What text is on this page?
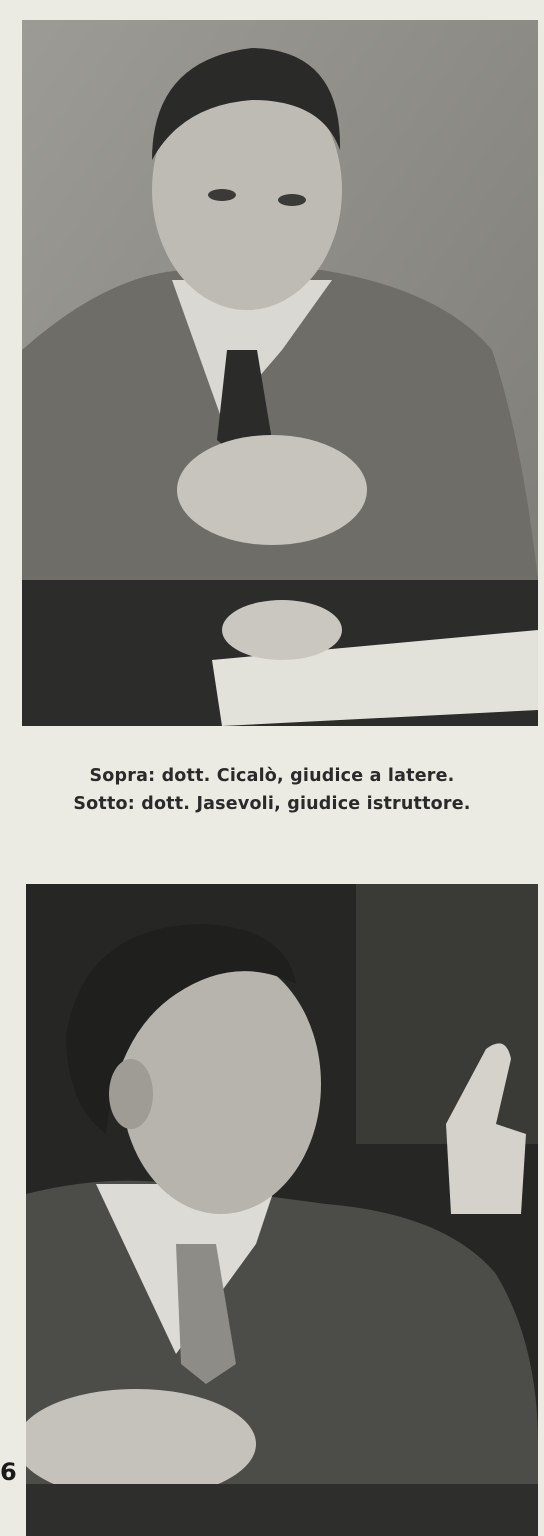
Sopra: dott. Cicalò, giudice a latere.
Sotto: dott. Jasevoli, giudice istruttore.
6
